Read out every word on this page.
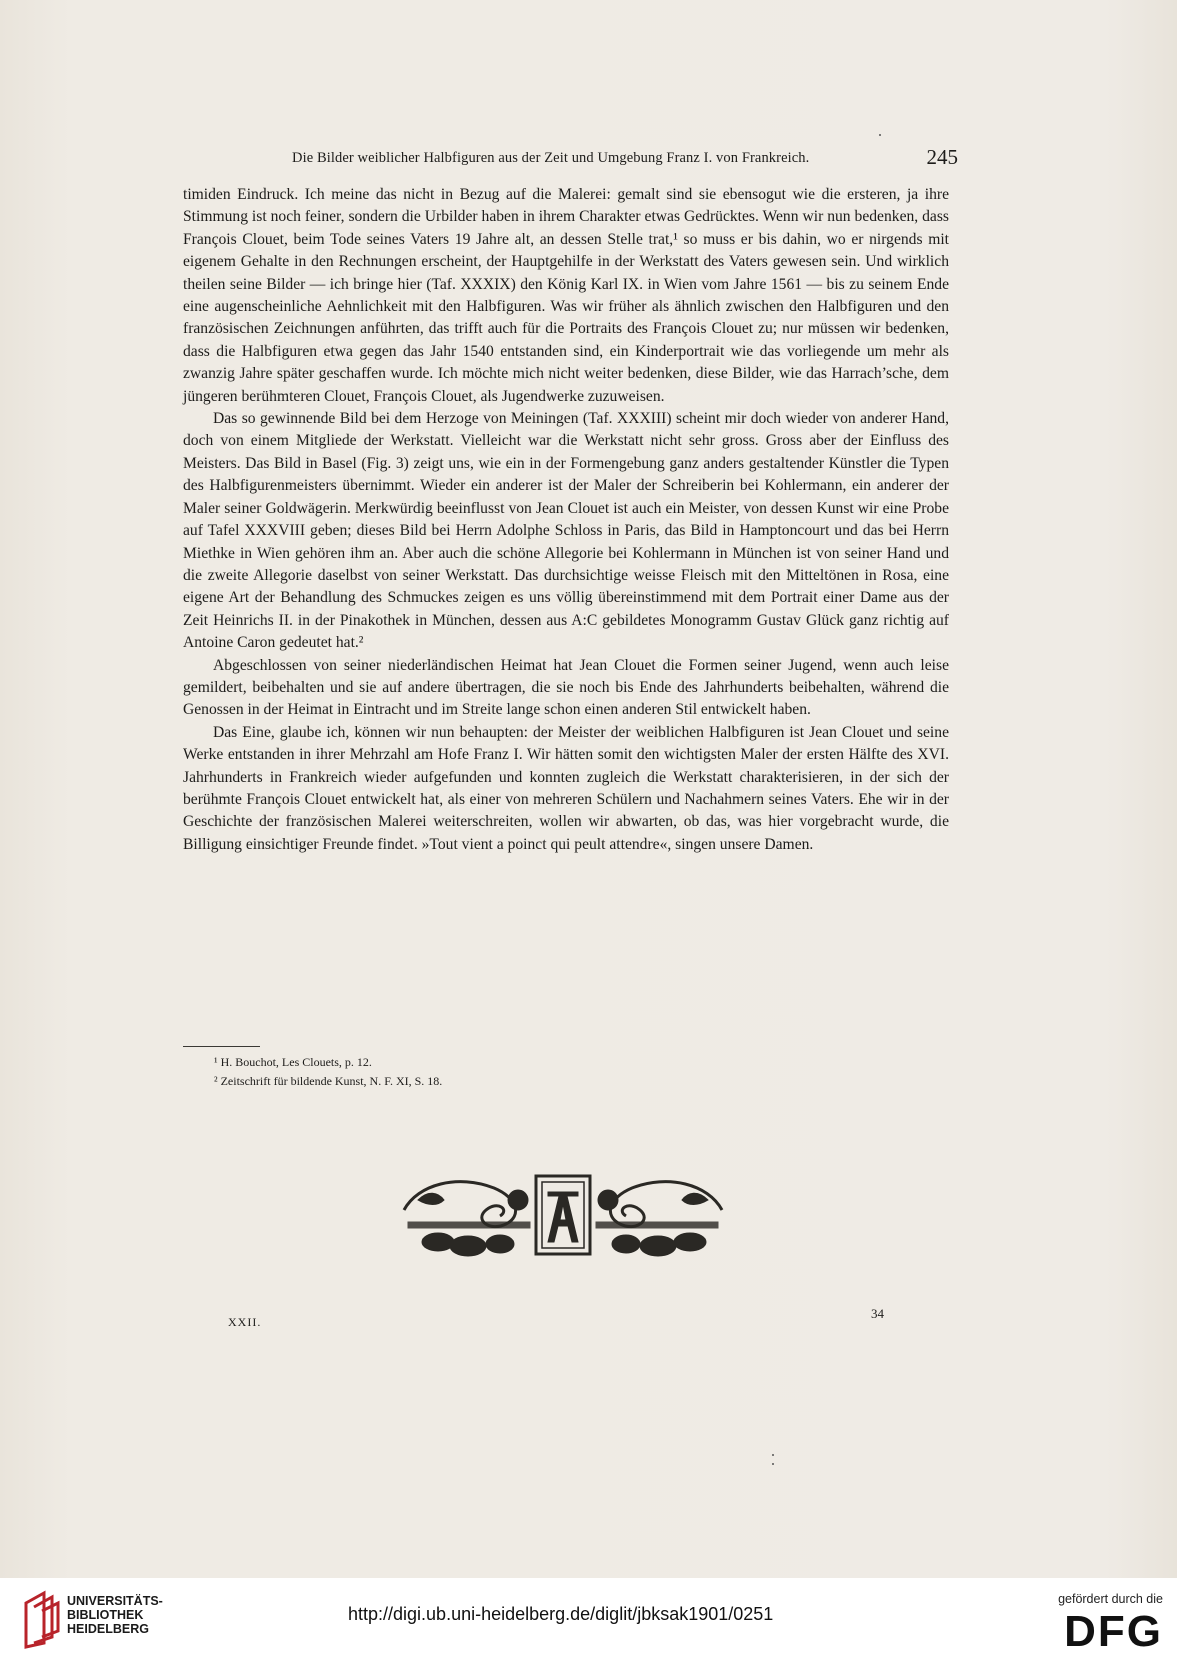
Die Bilder weiblicher Halbfiguren aus der Zeit und Umgebung Franz I. von Frankreich.	245

timiden Eindruck. Ich meine das nicht in Bezug auf die Malerei: gemalt sind sie ebensogut wie die ersteren, ja ihre Stimmung ist noch feiner, sondern die Urbilder haben in ihrem Charakter etwas Gedrücktes. Wenn wir nun bedenken, dass François Clouet, beim Tode seines Vaters 19 Jahre alt, an dessen Stelle trat,¹ so muss er bis dahin, wo er nirgends mit eigenem Gehalte in den Rechnungen erscheint, der Hauptgehilfe in der Werkstatt des Vaters gewesen sein. Und wirklich theilen seine Bilder — ich bringe hier (Taf. XXXIX) den König Karl IX. in Wien vom Jahre 1561 — bis zu seinem Ende eine augenscheinliche Aehnlichkeit mit den Halbfiguren. Was wir früher als ähnlich zwischen den Halbfiguren und den französischen Zeichnungen anführten, das trifft auch für die Portraits des François Clouet zu; nur müssen wir bedenken, dass die Halbfiguren etwa gegen das Jahr 1540 entstanden sind, ein Kinderportrait wie das vorliegende um mehr als zwanzig Jahre später geschaffen wurde. Ich möchte mich nicht weiter bedenken, diese Bilder, wie das Harrach’sche, dem jüngeren berühmteren Clouet, François Clouet, als Jugendwerke zuzuweisen.

Das so gewinnende Bild bei dem Herzoge von Meiningen (Taf. XXXIII) scheint mir doch wieder von anderer Hand, doch von einem Mitgliede der Werkstatt. Vielleicht war die Werkstatt nicht sehr gross. Gross aber der Einfluss des Meisters. Das Bild in Basel (Fig. 3) zeigt uns, wie ein in der Formengebung ganz anders gestaltender Künstler die Typen des Halbfigurenmeisters übernimmt. Wieder ein anderer ist der Maler der Schreiberin bei Kohlermann, ein anderer der Maler seiner Goldwägerin. Merkwürdig beeinflusst von Jean Clouet ist auch ein Meister, von dessen Kunst wir eine Probe auf Tafel XXXVIII geben; dieses Bild bei Herrn Adolphe Schloss in Paris, das Bild in Hamptoncourt und das bei Herrn Miethke in Wien gehören ihm an. Aber auch die schöne Allegorie bei Kohlermann in München ist von seiner Hand und die zweite Allegorie daselbst von seiner Werkstatt. Das durchsichtige weisse Fleisch mit den Mitteltönen in Rosa, eine eigene Art der Behandlung des Schmuckes zeigen es uns völlig übereinstimmend mit dem Portrait einer Dame aus der Zeit Heinrichs II. in der Pinakothek in München, dessen aus A:C gebildetes Monogramm Gustav Glück ganz richtig auf Antoine Caron gedeutet hat.²

Abgeschlossen von seiner niederländischen Heimat hat Jean Clouet die Formen seiner Jugend, wenn auch leise gemildert, beibehalten und sie auf andere übertragen, die sie noch bis Ende des Jahrhunderts beibehalten, während die Genossen in der Heimat in Eintracht und im Streite lange schon einen anderen Stil entwickelt haben.

Das Eine, glaube ich, können wir nun behaupten: der Meister der weiblichen Halbfiguren ist Jean Clouet und seine Werke entstanden in ihrer Mehrzahl am Hofe Franz I. Wir hätten somit den wichtigsten Maler der ersten Hälfte des XVI. Jahrhunderts in Frankreich wieder aufgefunden und konnten zugleich die Werkstatt charakterisieren, in der sich der berühmte François Clouet entwickelt hat, als einer von mehreren Schülern und Nachahmern seines Vaters. Ehe wir in der Geschichte der französischen Malerei weiterschreiten, wollen wir abwarten, ob das, was hier vorgebracht wurde, die Billigung einsichtiger Freunde findet. »Tout vient a poinct qui peult attendre«, singen unsere Damen.

¹ H. Bouchot, Les Clouets, p. 12.
² Zeitschrift für bildende Kunst, N. F. XI, S. 18.
XXII.
34
UNIVERSITÄTS-
BIBLIOTHEK
HEIDELBERG
http://digi.ub.uni-heidelberg.de/diglit/jbksak1901/0251
gefördert durch die
DFG
